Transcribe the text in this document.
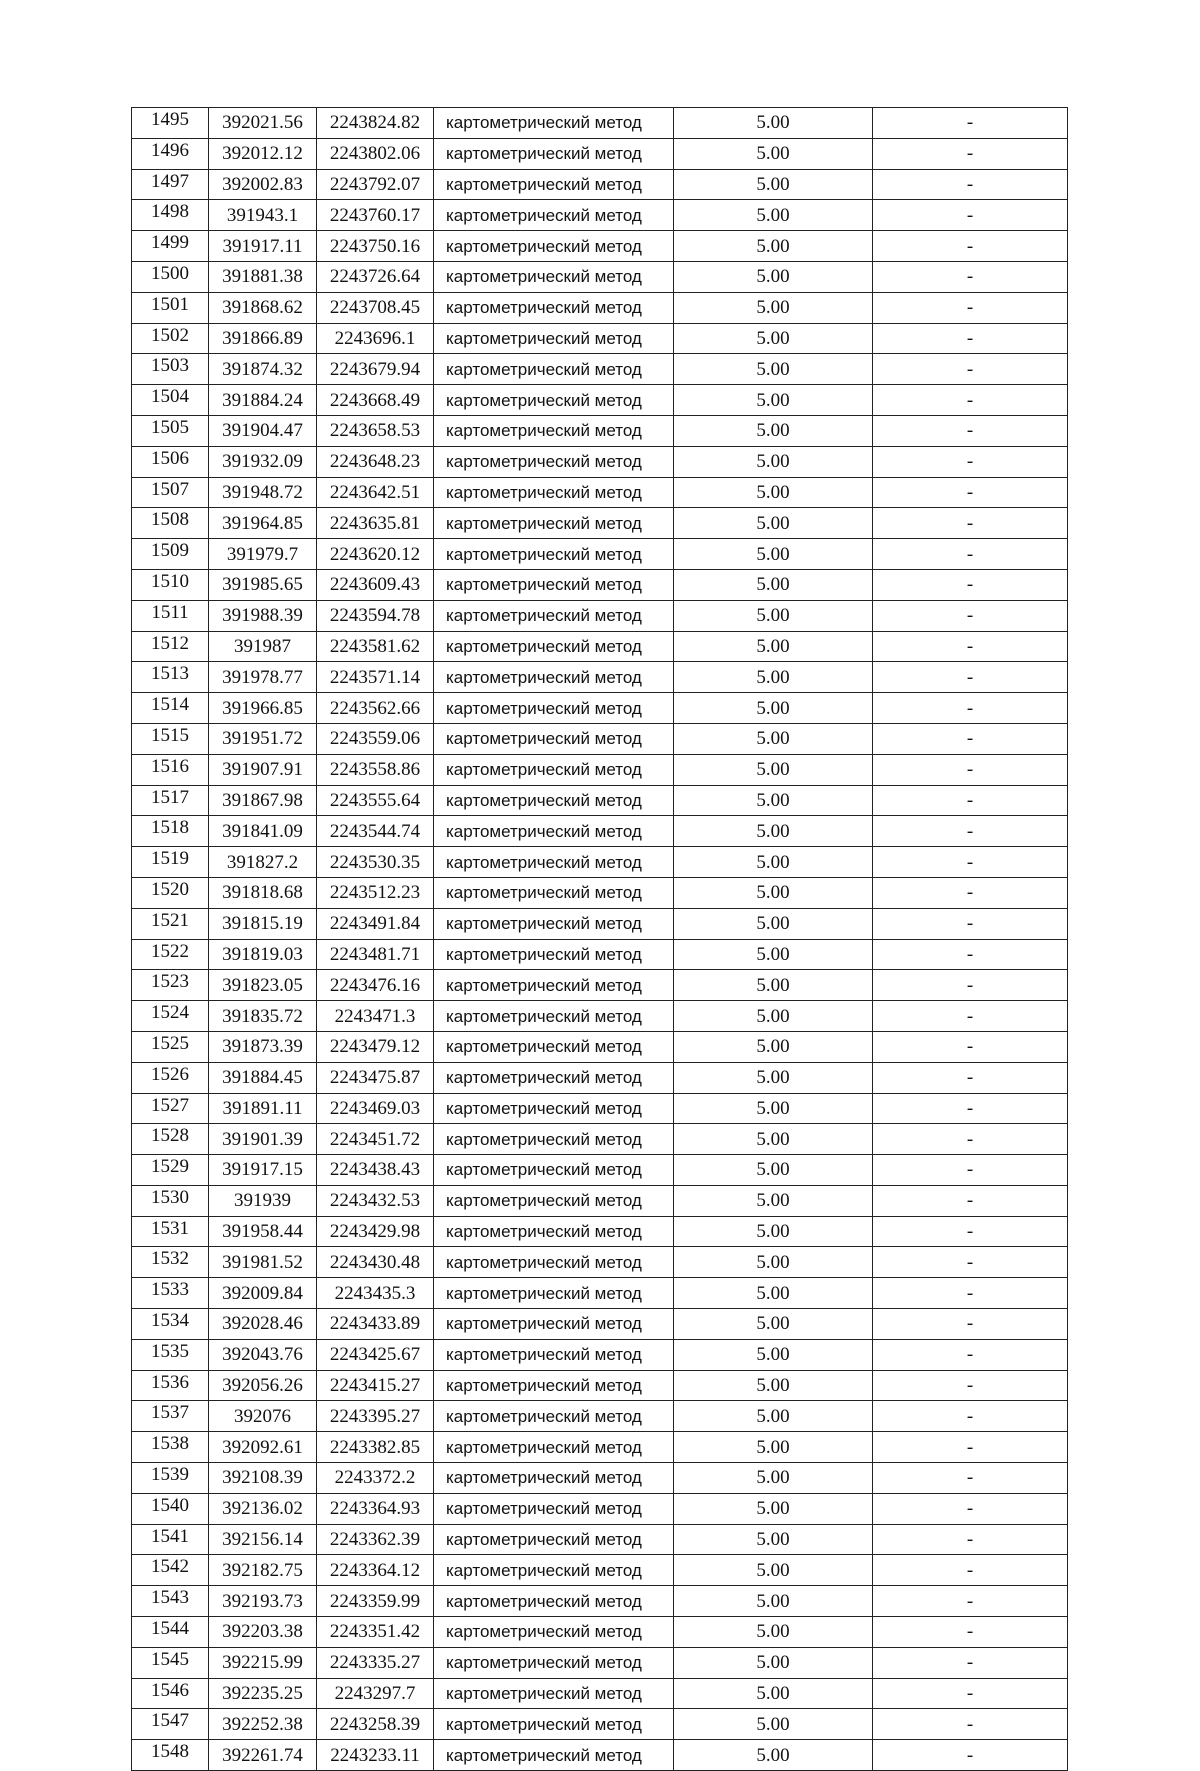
1495	392021.56	2243824.82	картометрический метод	5.00	-
1496	392012.12	2243802.06	картометрический метод	5.00	-
1497	392002.83	2243792.07	картометрический метод	5.00	-
1498	391943.1	2243760.17	картометрический метод	5.00	-
1499	391917.11	2243750.16	картометрический метод	5.00	-
1500	391881.38	2243726.64	картометрический метод	5.00	-
1501	391868.62	2243708.45	картометрический метод	5.00	-
1502	391866.89	2243696.1	картометрический метод	5.00	-
1503	391874.32	2243679.94	картометрический метод	5.00	-
1504	391884.24	2243668.49	картометрический метод	5.00	-
1505	391904.47	2243658.53	картометрический метод	5.00	-
1506	391932.09	2243648.23	картометрический метод	5.00	-
1507	391948.72	2243642.51	картометрический метод	5.00	-
1508	391964.85	2243635.81	картометрический метод	5.00	-
1509	391979.7	2243620.12	картометрический метод	5.00	-
1510	391985.65	2243609.43	картометрический метод	5.00	-
1511	391988.39	2243594.78	картометрический метод	5.00	-
1512	391987	2243581.62	картометрический метод	5.00	-
1513	391978.77	2243571.14	картометрический метод	5.00	-
1514	391966.85	2243562.66	картометрический метод	5.00	-
1515	391951.72	2243559.06	картометрический метод	5.00	-
1516	391907.91	2243558.86	картометрический метод	5.00	-
1517	391867.98	2243555.64	картометрический метод	5.00	-
1518	391841.09	2243544.74	картометрический метод	5.00	-
1519	391827.2	2243530.35	картометрический метод	5.00	-
1520	391818.68	2243512.23	картометрический метод	5.00	-
1521	391815.19	2243491.84	картометрический метод	5.00	-
1522	391819.03	2243481.71	картометрический метод	5.00	-
1523	391823.05	2243476.16	картометрический метод	5.00	-
1524	391835.72	2243471.3	картометрический метод	5.00	-
1525	391873.39	2243479.12	картометрический метод	5.00	-
1526	391884.45	2243475.87	картометрический метод	5.00	-
1527	391891.11	2243469.03	картометрический метод	5.00	-
1528	391901.39	2243451.72	картометрический метод	5.00	-
1529	391917.15	2243438.43	картометрический метод	5.00	-
1530	391939	2243432.53	картометрический метод	5.00	-
1531	391958.44	2243429.98	картометрический метод	5.00	-
1532	391981.52	2243430.48	картометрический метод	5.00	-
1533	392009.84	2243435.3	картометрический метод	5.00	-
1534	392028.46	2243433.89	картометрический метод	5.00	-
1535	392043.76	2243425.67	картометрический метод	5.00	-
1536	392056.26	2243415.27	картометрический метод	5.00	-
1537	392076	2243395.27	картометрический метод	5.00	-
1538	392092.61	2243382.85	картометрический метод	5.00	-
1539	392108.39	2243372.2	картометрический метод	5.00	-
1540	392136.02	2243364.93	картометрический метод	5.00	-
1541	392156.14	2243362.39	картометрический метод	5.00	-
1542	392182.75	2243364.12	картометрический метод	5.00	-
1543	392193.73	2243359.99	картометрический метод	5.00	-
1544	392203.38	2243351.42	картометрический метод	5.00	-
1545	392215.99	2243335.27	картометрический метод	5.00	-
1546	392235.25	2243297.7	картометрический метод	5.00	-
1547	392252.38	2243258.39	картометрический метод	5.00	-
1548	392261.74	2243233.11	картометрический метод	5.00	-
